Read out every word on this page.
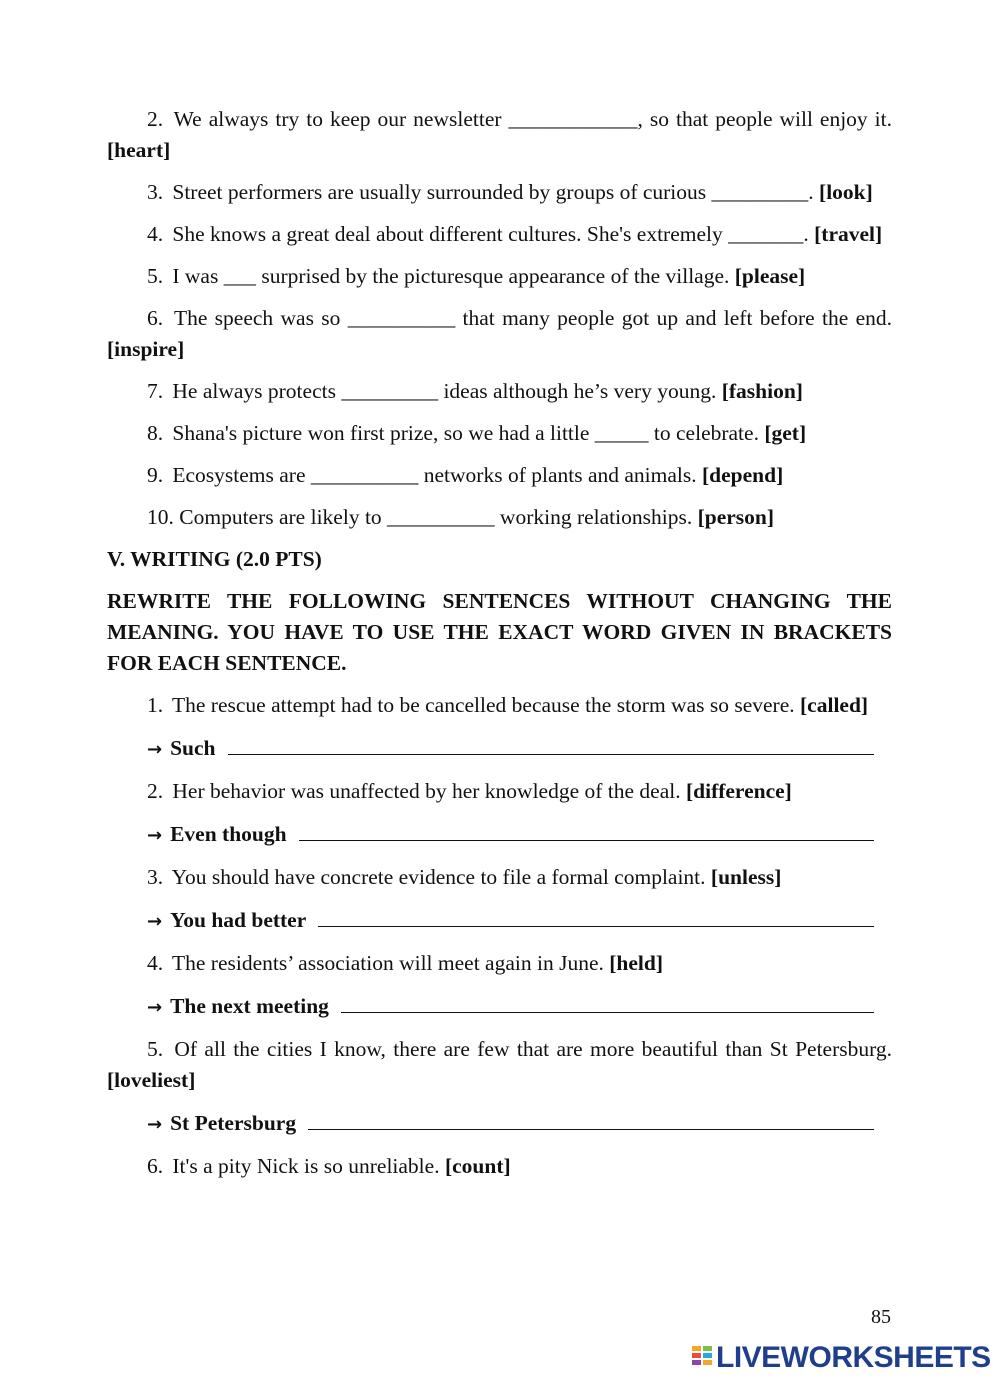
2. We always try to keep our newsletter ____________, so that people will enjoy it. [heart]
3. Street performers are usually surrounded by groups of curious _________. [look]
4. She knows a great deal about different cultures. She's extremely _______. [travel]
5. I was ___ surprised by the picturesque appearance of the village. [please]
6. The speech was so __________ that many people got up and left before the end. [inspire]
7. He always protects _________ ideas although he’s very young. [fashion]
8. Shana's picture won first prize, so we had a little _____ to celebrate. [get]
9. Ecosystems are __________ networks of plants and animals. [depend]
10. Computers are likely to __________ working relationships. [person]
V. WRITING (2.0 PTS)
REWRITE THE FOLLOWING SENTENCES WITHOUT CHANGING THE MEANING. YOU HAVE TO USE THE EXACT WORD GIVEN IN BRACKETS FOR EACH SENTENCE.
1. The rescue attempt had to be cancelled because the storm was so severe. [called]
→ Such
2. Her behavior was unaffected by her knowledge of the deal. [difference]
→ Even though
3. You should have concrete evidence to file a formal complaint. [unless]
→ You had better
4. The residents’ association will meet again in June. [held]
→ The next meeting
5. Of all the cities I know, there are few that are more beautiful than St Petersburg. [loveliest]
→ St Petersburg
6. It's a pity Nick is so unreliable. [count]
85
LIVEWORKSHEETS
